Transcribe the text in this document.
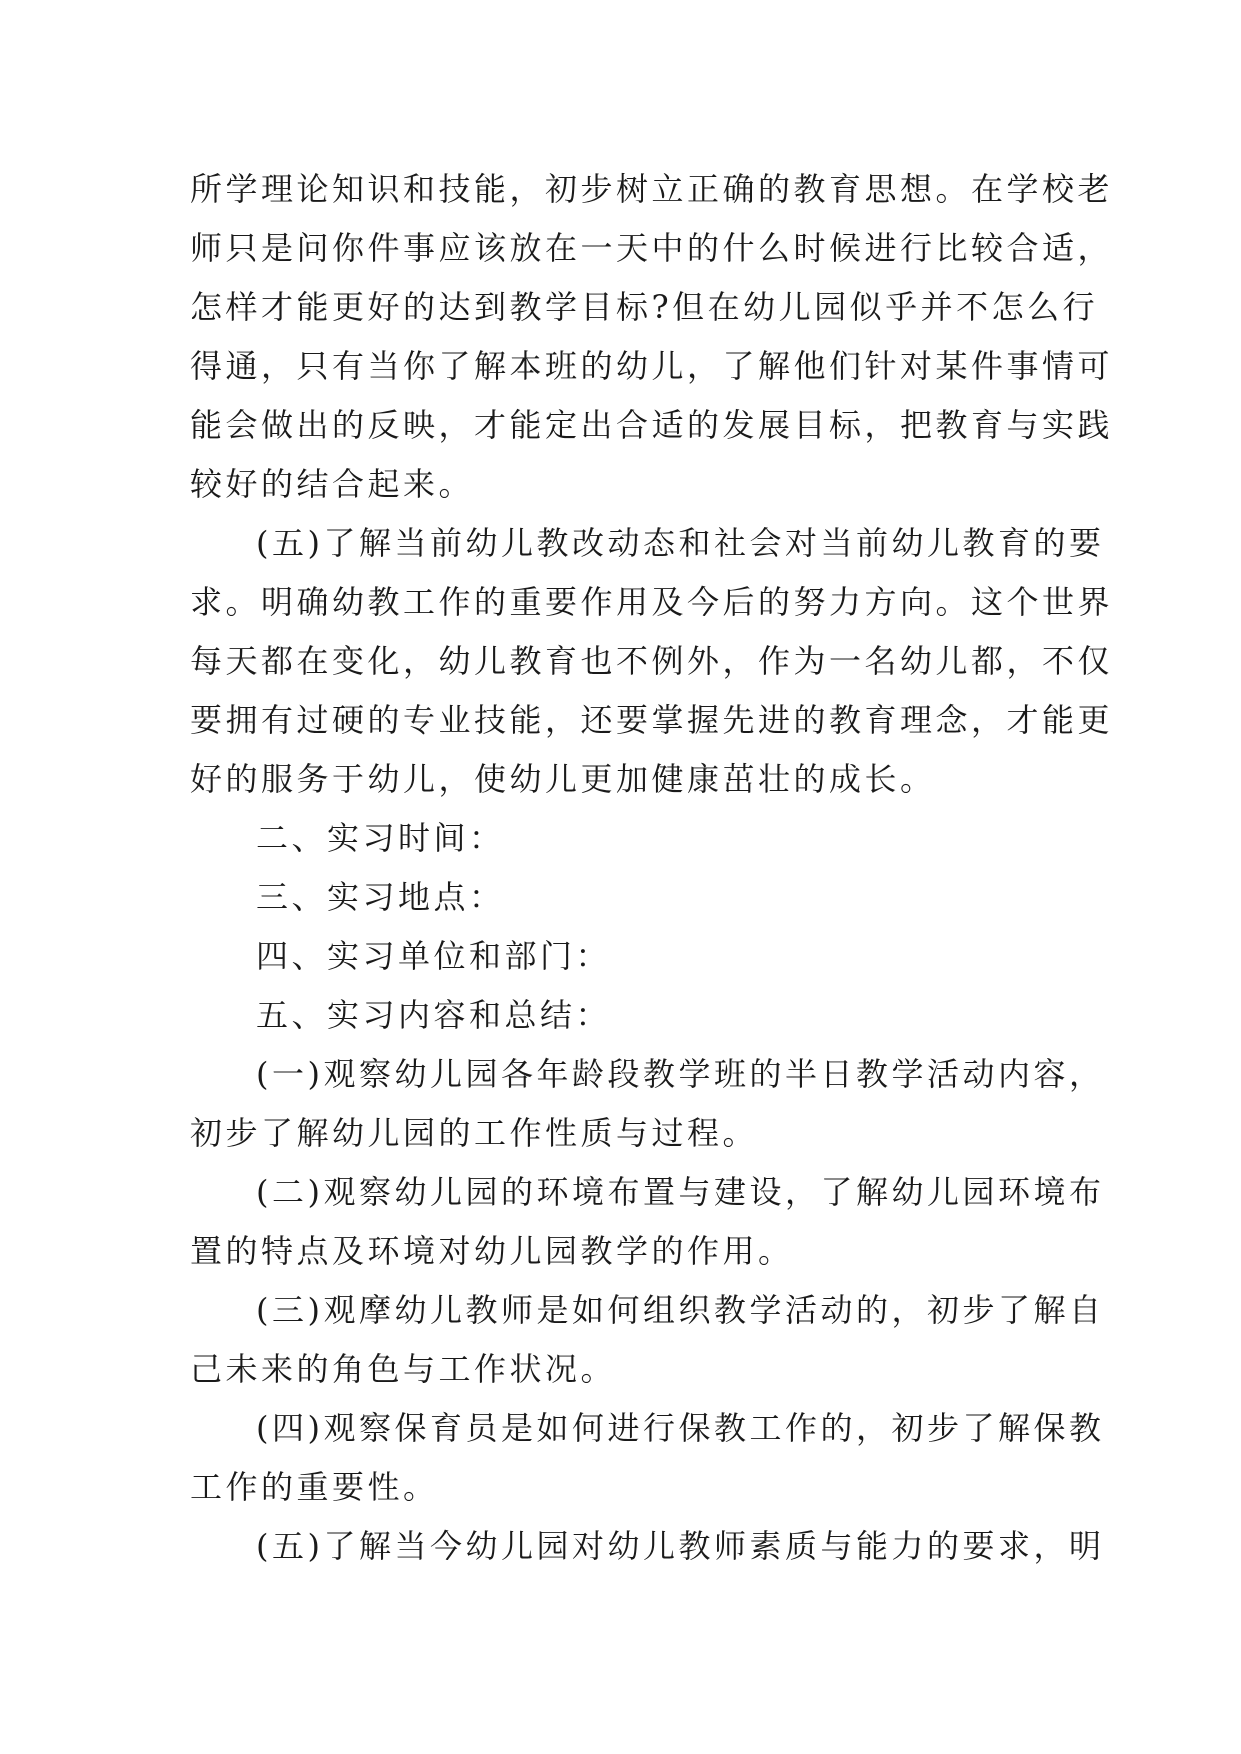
所学理论知识和技能，初步树立正确的教育思想。在学校老
师只是问你件事应该放在一天中的什么时候进行比较合适，
怎样才能更好的达到教学目标?但在幼儿园似乎并不怎么行
得通，只有当你了解本班的幼儿，了解他们针对某件事情可
能会做出的反映，才能定出合适的发展目标，把教育与实践
较好的结合起来。
(五)了解当前幼儿教改动态和社会对当前幼儿教育的要
求。明确幼教工作的重要作用及今后的努力方向。这个世界
每天都在变化，幼儿教育也不例外，作为一名幼儿都，不仅
要拥有过硬的专业技能，还要掌握先进的教育理念，才能更
好的服务于幼儿，使幼儿更加健康茁壮的成长。
二、实习时间：
三、实习地点：
四、实习单位和部门：
五、实习内容和总结：
(一)观察幼儿园各年龄段教学班的半日教学活动内容，
初步了解幼儿园的工作性质与过程。
(二)观察幼儿园的环境布置与建设，了解幼儿园环境布
置的特点及环境对幼儿园教学的作用。
(三)观摩幼儿教师是如何组织教学活动的，初步了解自
己未来的角色与工作状况。
(四)观察保育员是如何进行保教工作的，初步了解保教
工作的重要性。
(五)了解当今幼儿园对幼儿教师素质与能力的要求，明
